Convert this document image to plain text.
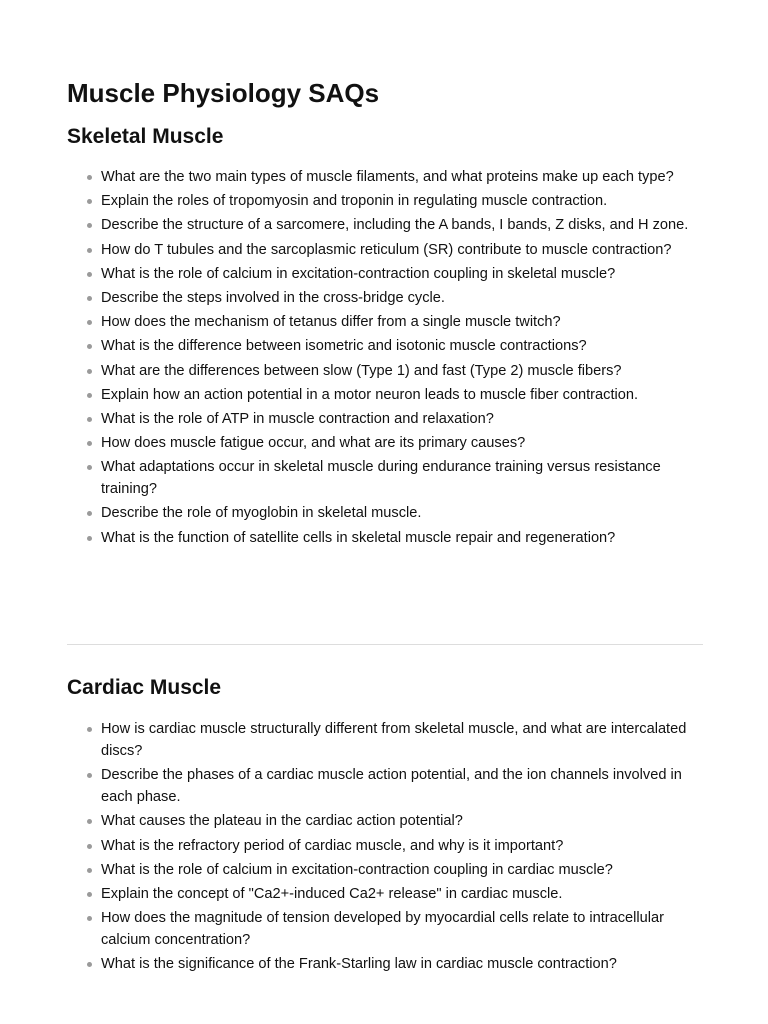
Muscle Physiology SAQs
Skeletal Muscle
What are the two main types of muscle filaments, and what proteins make up each type?
Explain the roles of tropomyosin and troponin in regulating muscle contraction.
Describe the structure of a sarcomere, including the A bands, I bands, Z disks, and H zone.
How do T tubules and the sarcoplasmic reticulum (SR) contribute to muscle contraction?
What is the role of calcium in excitation-contraction coupling in skeletal muscle?
Describe the steps involved in the cross-bridge cycle.
How does the mechanism of tetanus differ from a single muscle twitch?
What is the difference between isometric and isotonic muscle contractions?
What are the differences between slow (Type 1) and fast (Type 2) muscle fibers?
Explain how an action potential in a motor neuron leads to muscle fiber contraction.
What is the role of ATP in muscle contraction and relaxation?
How does muscle fatigue occur, and what are its primary causes?
What adaptations occur in skeletal muscle during endurance training versus resistance training?
Describe the role of myoglobin in skeletal muscle.
What is the function of satellite cells in skeletal muscle repair and regeneration?
Cardiac Muscle
How is cardiac muscle structurally different from skeletal muscle, and what are intercalated discs?
Describe the phases of a cardiac muscle action potential, and the ion channels involved in each phase.
What causes the plateau in the cardiac action potential?
What is the refractory period of cardiac muscle, and why is it important?
What is the role of calcium in excitation-contraction coupling in cardiac muscle?
Explain the concept of "Ca2+-induced Ca2+ release" in cardiac muscle.
How does the magnitude of tension developed by myocardial cells relate to intracellular calcium concentration?
What is the significance of the Frank-Starling law in cardiac muscle contraction?
